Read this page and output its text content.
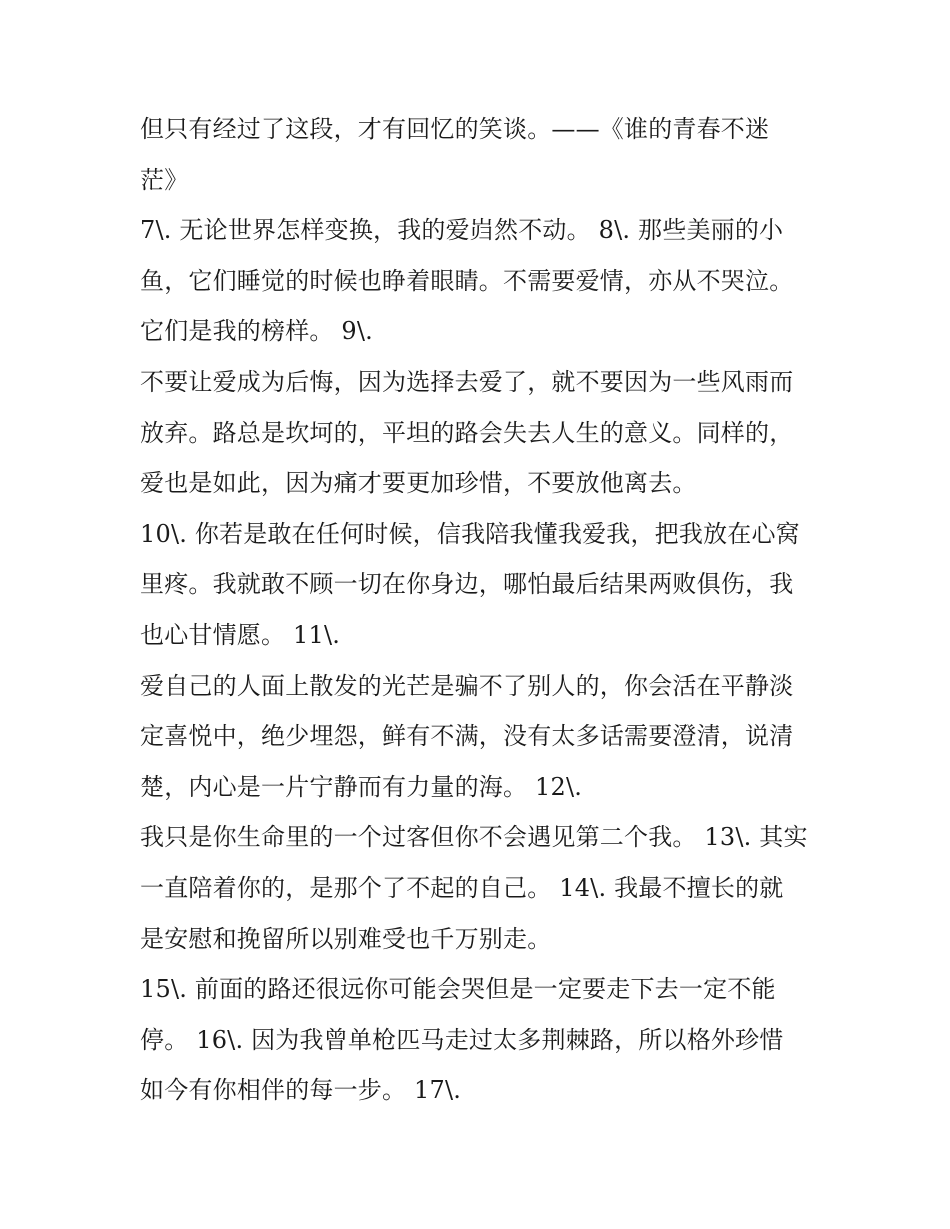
但只有经过了这段，才有回忆的笑谈。——《谁的青春不迷
茫》
7\. 无论世界怎样变换，我的爱岿然不动。 8\. 那些美丽的小
鱼，它们睡觉的时候也睁着眼睛。不需要爱情，亦从不哭泣。
它们是我的榜样。 9\.
不要让爱成为后悔，因为选择去爱了，就不要因为一些风雨而
放弃。路总是坎坷的，平坦的路会失去人生的意义。同样的，
爱也是如此，因为痛才要更加珍惜，不要放他离去。
10\. 你若是敢在任何时候，信我陪我懂我爱我，把我放在心窝
里疼。我就敢不顾一切在你身边，哪怕最后结果两败俱伤，我
也心甘情愿。 11\.
爱自己的人面上散发的光芒是骗不了别人的，你会活在平静淡
定喜悦中，绝少埋怨，鲜有不满，没有太多话需要澄清，说清
楚，内心是一片宁静而有力量的海。 12\.
我只是你生命里的一个过客但你不会遇见第二个我。 13\. 其实
一直陪着你的，是那个了不起的自己。 14\. 我最不擅长的就
是安慰和挽留所以别难受也千万别走。
15\. 前面的路还很远你可能会哭但是一定要走下去一定不能
停。 16\. 因为我曾单枪匹马走过太多荆棘路，所以格外珍惜
如今有你相伴的每一步。 17\.
